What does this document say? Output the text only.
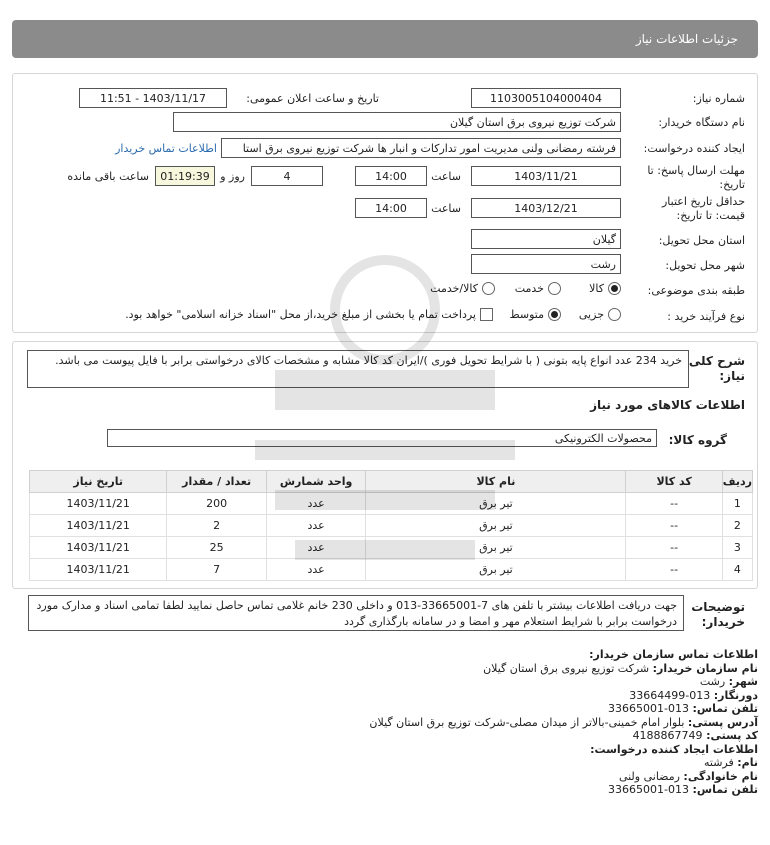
جزئیات اطلاعات نیاز
شماره نیاز:
1103005104000404
تاریخ و ساعت اعلان عمومی:
1403/11/17 - 11:51
نام دستگاه خریدار:
شرکت توزیع نیروی برق استان گیلان
ایجاد کننده درخواست:
فرشته رمضانی ولنی مدیریت امور تدارکات و انبار ها شرکت توزیع نیروی برق استا
اطلاعات تماس خریدار
مهلت ارسال پاسخ: تا
تاریخ:
1403/11/21
ساعت
14:00
4
روز و
01:19:39
ساعت باقی مانده
حداقل تاریخ اعتبار
قیمت: تا تاریخ:
1403/12/21
ساعت
14:00
استان محل تحویل:
گیلان
شهر محل تحویل:
رشت
طبقه بندی موضوعی:
کالا
خدمت
کالا/خدمت
نوع فرآیند خرید :
جزیی
متوسط
پرداخت تمام یا بخشی از مبلغ خرید،از محل "اسناد خزانه اسلامی" خواهد بود.
شرح کلی
نیاز:
خرید 234 عدد انواع پایه بتونی ( با شرایط تحویل فوری )/ایران کد کالا مشابه و مشخصات کالای درخواستی برابر با فایل پیوست می باشد.
اطلاعات کالاهای مورد نیاز
گروه کالا:
محصولات الکترونیکی
ردیف	کد کالا	نام کالا	واحد شمارش	تعداد / مقدار	تاریخ نیاز
1	--	تیر برق	عدد	200	1403/11/21
2	--	تیر برق	عدد	2	1403/11/21
3	--	تیر برق	عدد	25	1403/11/21
4	--	تیر برق	عدد	7	1403/11/21
توضیحات
خریدار:
جهت دریافت اطلاعات بیشتر با تلفن های 7-33665001-013 و داخلی 230 خانم غلامی تماس حاصل نمایید لطفا تمامی اسناد و مدارک مورد درخواست برابر با شرایط استعلام مهر و امضا و در سامانه بارگذاری گردد
اطلاعات تماس سازمان خریدار:
نام سازمان خریدار: شرکت توزیع نیروی برق استان گیلان
شهر: رشت
دورنگار: 013-33664499
تلفن تماس: 013-33665001
آدرس پستی: بلوار امام خمینی-بالاتر از میدان مصلی-شرکت توزیع برق استان گیلان
کد پستی: 4188867749
اطلاعات ایجاد کننده درخواست:
نام: فرشته
نام خانوادگی: رمضانی ولنی
تلفن تماس: 013-33665001
